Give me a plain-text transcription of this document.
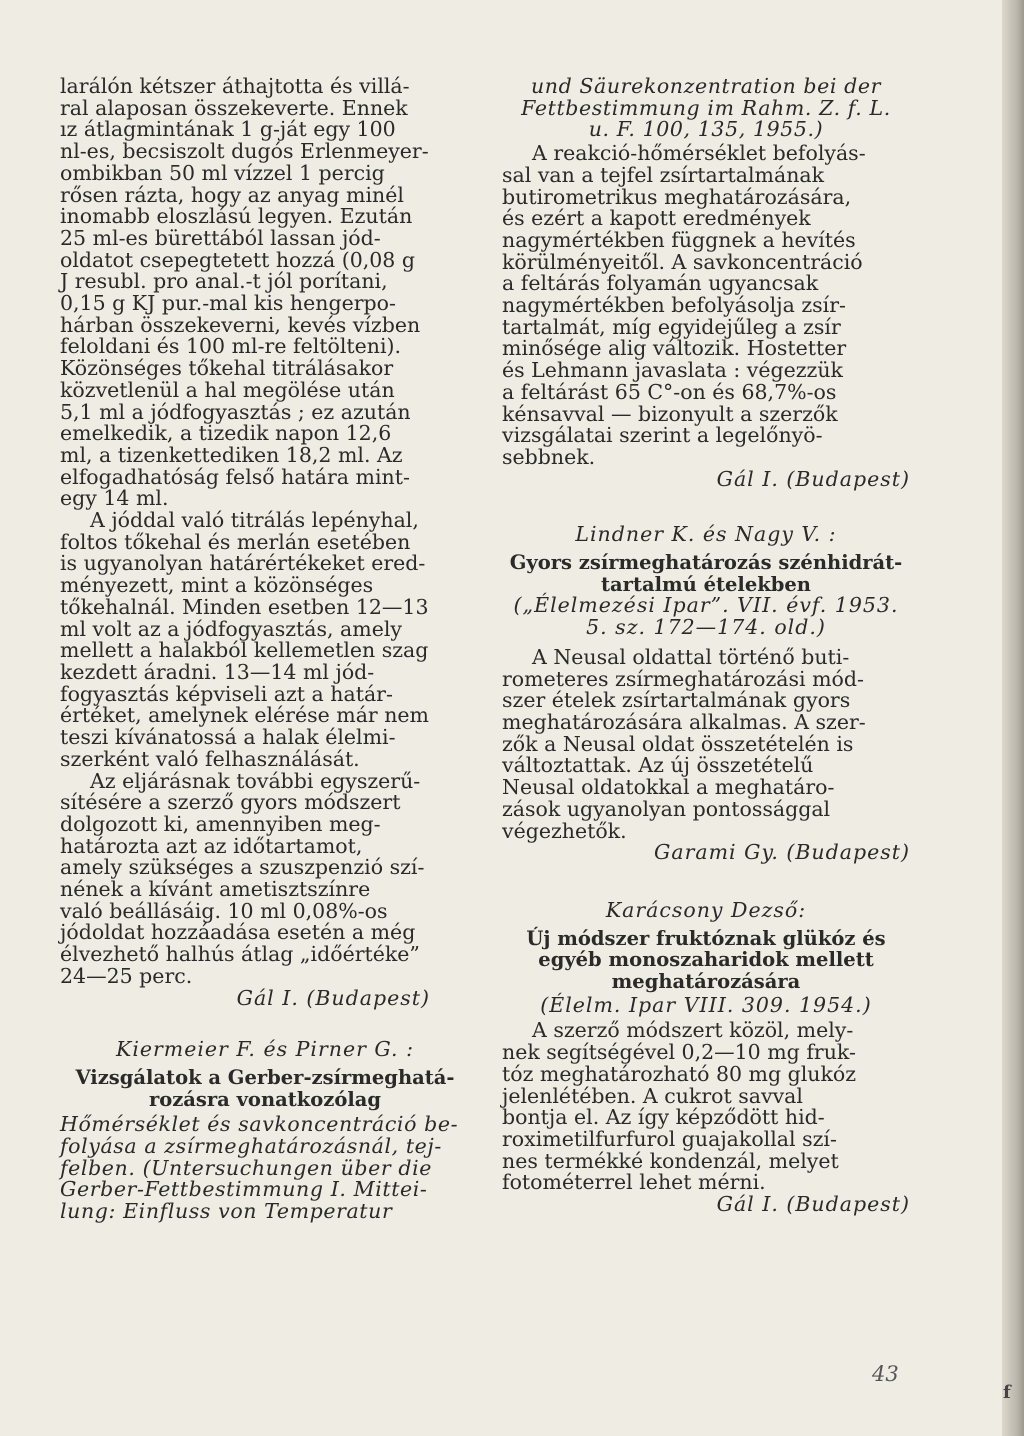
larálón kétszer áthajtotta és villá-
ral alaposan összekeverte. Ennek
ız átlagmintának 1 g-ját egy 100
nl-es, becsiszolt dugós Erlenmeyer-
ombikban 50 ml vízzel 1 percig
rősen rázta, hogy az anyag minél
inomabb eloszlású legyen. Ezután
25 ml-es bürettából lassan jód-
oldatot csepegtetett hozzá (0,08 g
J resubl. pro anal.-t jól porítani,
0,15 g KJ pur.-mal kis hengerpo-
hárban összekeverni, kevés vízben
feloldani és 100 ml-re feltölteni).
Közönséges tőkehal titrálásakor
közvetlenül a hal megölése után
5,1 ml a jódfogyasztás ; ez azután
emelkedik, a tizedik napon 12,6
ml, a tizenkettediken 18,2 ml. Az
elfogadhatóság felső határa mint-
egy 14 ml.
A jóddal való titrálás lepényhal,
foltos tőkehal és merlán esetében
is ugyanolyan határértékeket ered-
ményezett, mint a közönséges
tőkehalnál. Minden esetben 12—13
ml volt az a jódfogyasztás, amely
mellett a halakból kellemetlen szag
kezdett áradni. 13—14 ml jód-
fogyasztás képviseli azt a határ-
értéket, amelynek elérése már nem
teszi kívánatossá a halak élelmi-
szerként való felhasználását.
Az eljárásnak további egyszerű-
sítésére a szerző gyors módszert
dolgozott ki, amennyiben meg-
határozta azt az időtartamot,
amely szükséges a szuszpenzió szí-
nének a kívánt ametisztszínre
való beállásáig. 10 ml 0,08%-os
jódoldat hozzáadása esetén a még
élvezhető halhús átlag „időértéke”
24—25 perc.

Gál I. (Budapest)

Kiermeier F. és Pirner G. :

Vizsgálatok a Gerber-zsírmeghatá-
rozásra vonatkozólag
Hőmérséklet és savkoncentráció be-
folyása a zsírmeghatározásnál, tej-
felben. (Untersuchungen über die
Gerber-Fettbestimmung I. Mittei-
lung: Einfluss von Temperatur
und Säurekonzentration bei der
Fettbestimmung im Rahm. Z. f. L.
u. F. 100, 135, 1955.)
A reakció-hőmérséklet befolyás-
sal van a tejfel zsírtartalmának
butirometrikus meghatározására,
és ezért a kapott eredmények
nagymértékben függnek a hevítés
körülményeitől. A savkoncentráció
a feltárás folyamán ugyancsak
nagymértékben befolyásolja zsír-
tartalmát, míg egyidejűleg a zsír
minősége alig változik. Hostetter
és Lehmann javaslata : végezzük
a feltárást 65 C°-on és 68,7%-os
kénsavval — bizonyult a szerzők
vizsgálatai szerint a legelőnyö-
sebbnek.

Gál I. (Budapest)

Lindner K. és Nagy V. :

Gyors zsírmeghatározás szénhidrát-
tartalmú ételekben
(„Élelmezési Ipar”. VII. évf. 1953.
5. sz. 172—174. old.)
A Neusal oldattal történő buti-
rometeres zsírmeghatározási mód-
szer ételek zsírtartalmának gyors
meghatározására alkalmas. A szer-
zők a Neusal oldat összetételén is
változtattak. Az új összetételű
Neusal oldatokkal a meghatáro-
zások ugyanolyan pontossággal
végezhetők.

Garami Gy. (Budapest)

Karácsony Dezső:

Új módszer fruktóznak glükóz és
egyéb monoszaharidok mellett
meghatározására

(Élelm. Ipar VIII. 309. 1954.)

A szerző módszert közöl, mely-
nek segítségével 0,2—10 mg fruk-
tóz meghatározható 80 mg glukóz
jelenlétében. A cukrot savval
bontja el. Az így képződött hid-
roximetilfurfurol guajakollal szí-
nes termékké kondenzál, melyet
fotométerrel lehet mérni.

Gál I. (Budapest)

43
f
